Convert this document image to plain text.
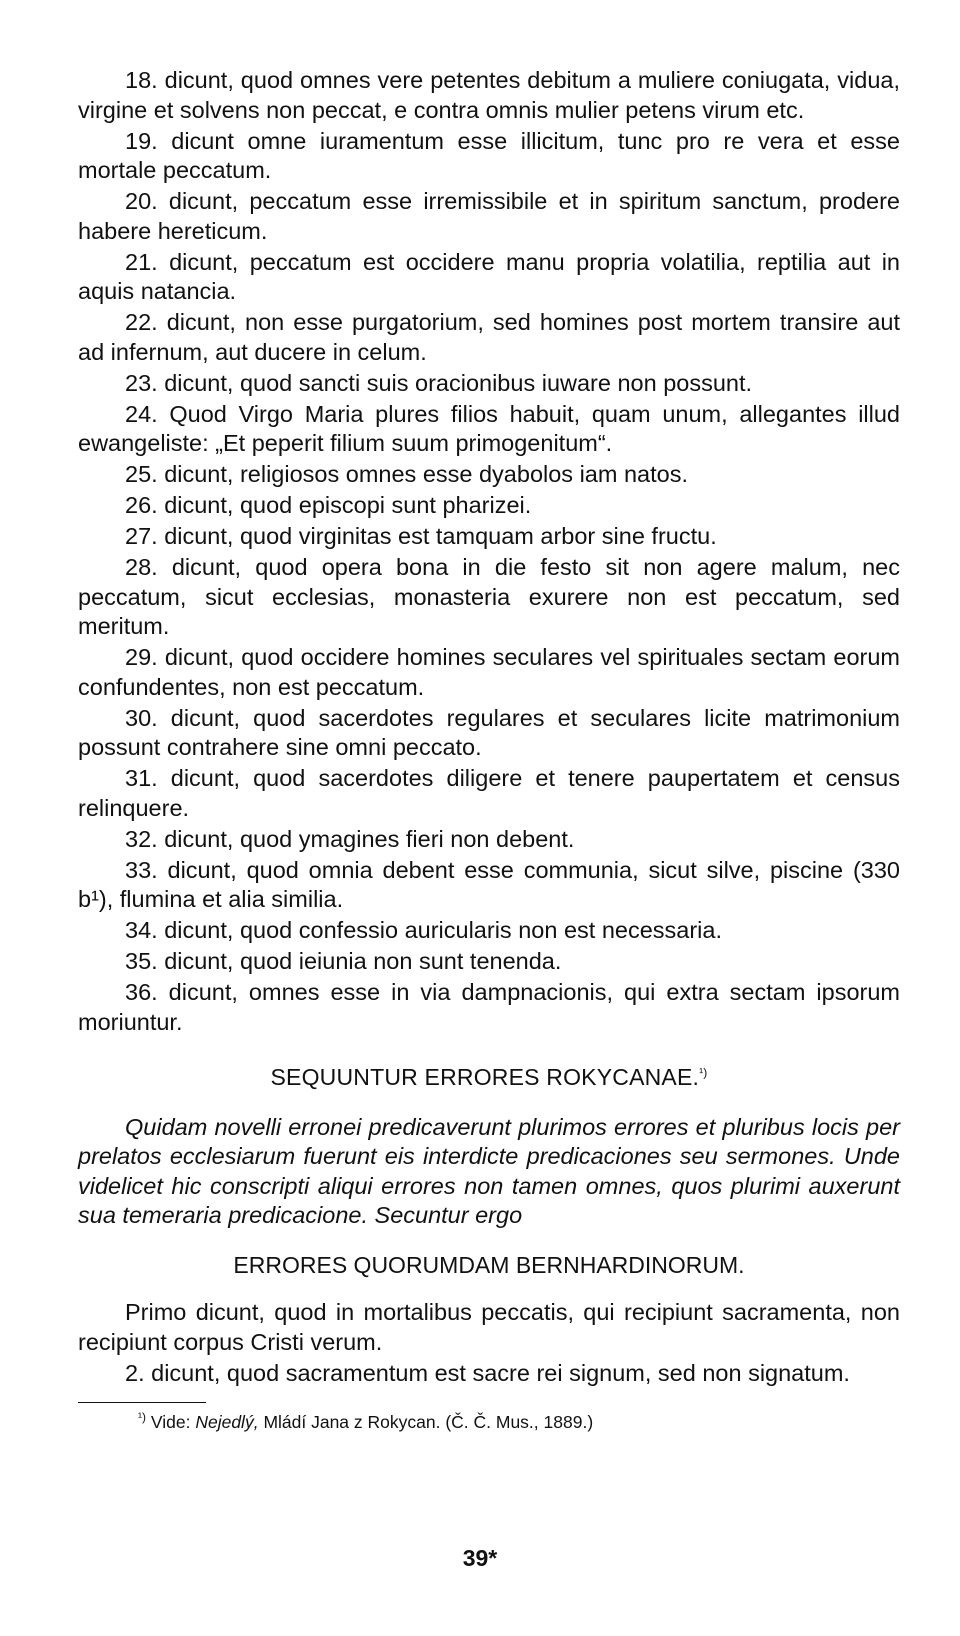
18. dicunt, quod omnes vere petentes debitum a muliere coniugata, vidua, virgine et solvens non peccat, e contra omnis mulier petens virum etc.

19. dicunt omne iuramentum esse illicitum, tunc pro re vera et esse mortale peccatum.

20. dicunt, peccatum esse irremissibile et in spiritum sanctum, prodere habere hereticum.

21. dicunt, peccatum est occidere manu propria volatilia, reptilia aut in aquis natancia.

22. dicunt, non esse purgatorium, sed homines post mortem transire aut ad infernum, aut ducere in celum.

23. dicunt, quod sancti suis oracionibus iuware non possunt.

24. Quod Virgo Maria plures filios habuit, quam unum, allegantes illud ewangeliste: „Et peperit filium suum primogenitum“.

25. dicunt, religiosos omnes esse dyabolos iam natos.

26. dicunt, quod episcopi sunt pharizei.

27. dicunt, quod virginitas est tamquam arbor sine fructu.

28. dicunt, quod opera bona in die festo sit non agere malum, nec peccatum, sicut ecclesias, monasteria exurere non est peccatum, sed meritum.

29. dicunt, quod occidere homines seculares vel spirituales sectam eorum confundentes, non est peccatum.

30. dicunt, quod sacerdotes regulares et seculares licite matrimonium possunt contrahere sine omni peccato.

31. dicunt, quod sacerdotes diligere et tenere paupertatem et census relinquere.

32. dicunt, quod ymagines fieri non debent.

33. dicunt, quod omnia debent esse communia, sicut silve, piscine (330 b¹), flumina et alia similia.

34. dicunt, quod confessio auricularis non est necessaria.

35. dicunt, quod ieiunia non sunt tenenda.

36. dicunt, omnes esse in via dampnacionis, qui extra sectam ipsorum moriuntur.

SEQUUNTUR ERRORES ROKYCANAE.$^{^1)}$

Quidam novelli erronei predicaverunt plurimos errores et pluribus locis per prelatos ecclesiarum fuerunt eis interdicte predicaciones seu sermones. Unde videlicet hic conscripti aliqui errores non tamen omnes, quos plurimi auxerunt sua temeraria predicacione. Secuntur ergo

ERRORES QUORUMDAM BERNHARDINORUM.

Primo dicunt, quod in mortalibus peccatis, qui recipiunt sacramenta, non recipiunt corpus Cristi verum.

2. dicunt, quod sacramentum est sacre rei signum, sed non signatum.

$^{^1)}$ Vide: Nejedlý, Mládí Jana z Rokycan. (Č. Č. Mus., 1889.)
39*
